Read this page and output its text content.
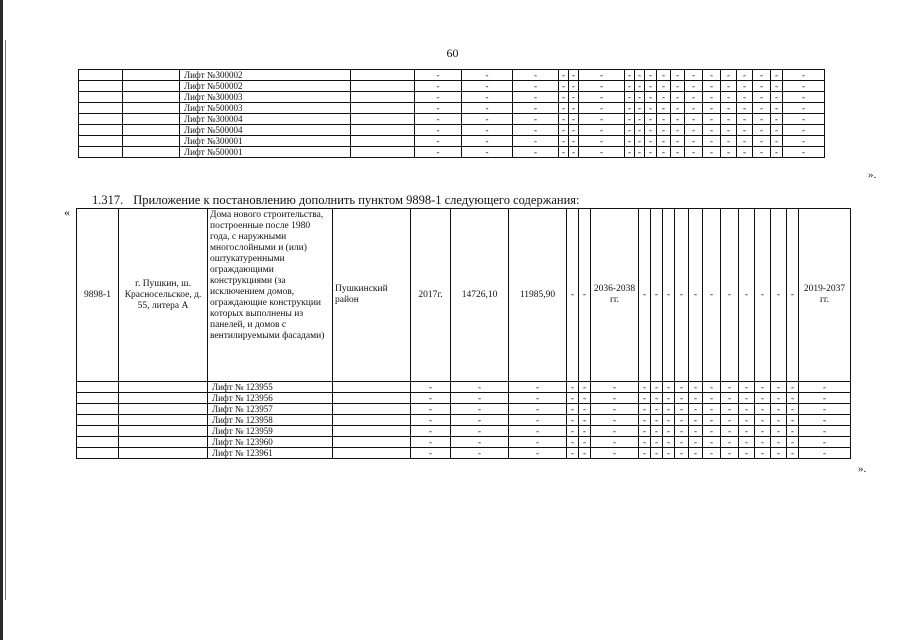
60
		Лифт №300002		-	-	-	-	-	-	-	-	-	-	-	-	-	-	-	-	-	-
		Лифт №500002		-	-	-	-	-	-	-	-	-	-	-	-	-	-	-	-	-	-
		Лифт №300003		-	-	-	-	-	-	-	-	-	-	-	-	-	-	-	-	-	-
		Лифт №500003		-	-	-	-	-	-	-	-	-	-	-	-	-	-	-	-	-	-
		Лифт №300004		-	-	-	-	-	-	-	-	-	-	-	-	-	-	-	-	-	-
		Лифт №500004		-	-	-	-	-	-	-	-	-	-	-	-	-	-	-	-	-	-
		Лифт №300001		-	-	-	-	-	-	-	-	-	-	-	-	-	-	-	-	-	-
		Лифт №500001		-	-	-	-	-	-	-	-	-	-	-	-	-	-	-	-	-	-
».
1.317. Приложение к постановлению дополнить пунктом 9898-1 следующего содержания:
«
9898-1	г. Пушкин, ш. Красносельское, д. 55, литера А	Дома нового строительства, построенные после 1980 года, с наружными многослойными и (или) оштукатуренными ограждающими конструкциями (за исключением домов, ограждающие конструкции которых выполнены из панелей, и домов с вентилируемыми фасадами)	Пушкинский район	2017г.	14726,10	11985,90	-	-	2036-2038 гг.	-	-	-	-	-	-	-	-	-	-	-	2019-2037 гг.
		Лифт № 123955		-	-	-	-	-	-	-	-	-	-	-	-	-	-	-	-	-	-
		Лифт № 123956		-	-	-	-	-	-	-	-	-	-	-	-	-	-	-	-	-	-
		Лифт № 123957		-	-	-	-	-	-	-	-	-	-	-	-	-	-	-	-	-	-
		Лифт № 123958		-	-	-	-	-	-	-	-	-	-	-	-	-	-	-	-	-	-
		Лифт № 123959		-	-	-	-	-	-	-	-	-	-	-	-	-	-	-	-	-	-
		Лифт № 123960		-	-	-	-	-	-	-	-	-	-	-	-	-	-	-	-	-	-
		Лифт № 123961		-	-	-	-	-	-	-	-	-	-	-	-	-	-	-	-	-	-
».
